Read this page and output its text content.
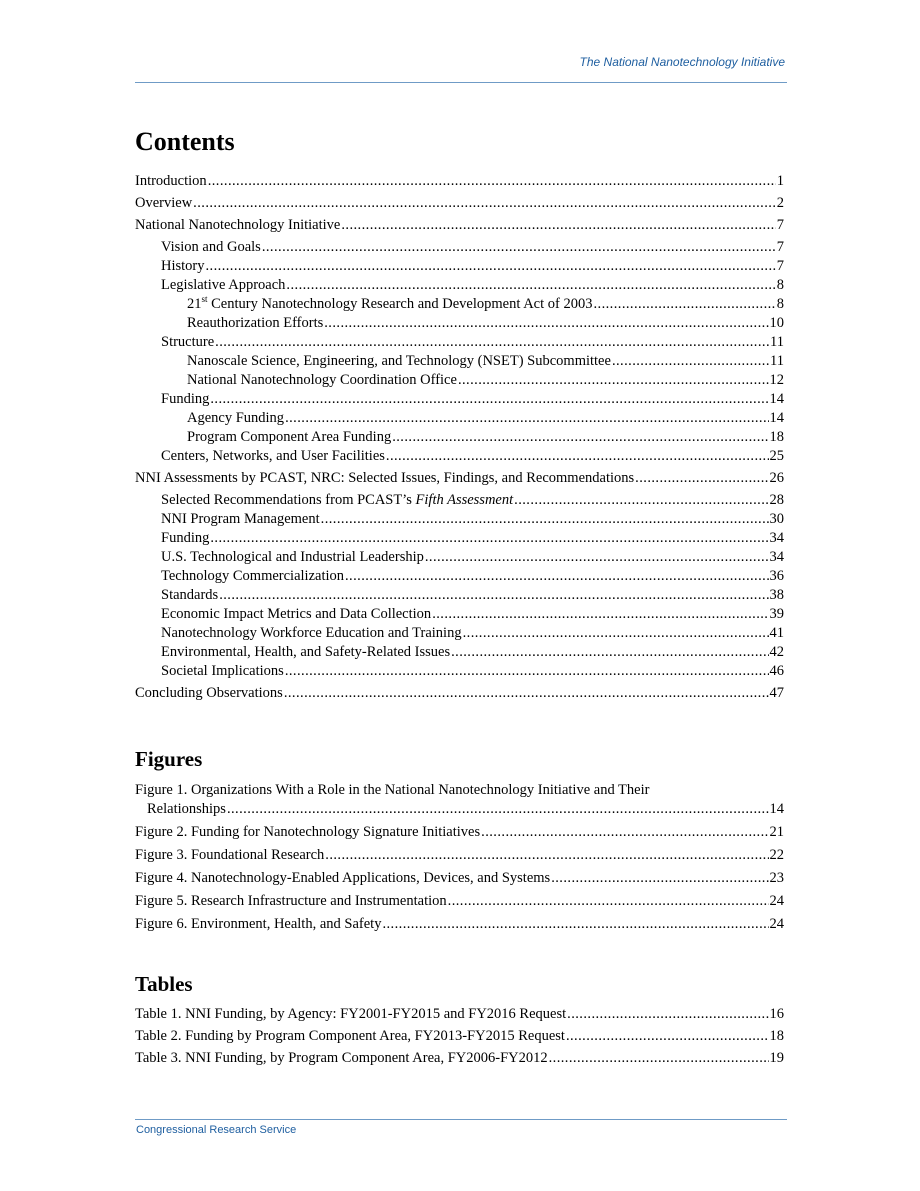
The National Nanotechnology Initiative
Contents
Introduction . . .	1
Overview . . .	2
National Nanotechnology Initiative . . .	7
Vision and Goals . . .	7
History . . .	7
Legislative Approach . . .	8
21st Century Nanotechnology Research and Development Act of 2003 . . .	8
Reauthorization Efforts . . .	10
Structure . . .	11
Nanoscale Science, Engineering, and Technology (NSET) Subcommittee . . .	11
National Nanotechnology Coordination Office . . .	12
Funding . . .	14
Agency Funding . . .	14
Program Component Area Funding . . .	18
Centers, Networks, and User Facilities . . .	25
NNI Assessments by PCAST, NRC: Selected Issues, Findings, and Recommendations . . .	26
Selected Recommendations from PCAST’s Fifth Assessment . . .	28
NNI Program Management . . .	30
Funding . . .	34
U.S. Technological and Industrial Leadership . . .	34
Technology Commercialization . . .	36
Standards . . .	38
Economic Impact Metrics and Data Collection . . .	39
Nanotechnology Workforce Education and Training . . .	41
Environmental, Health, and Safety-Related Issues . . .	42
Societal Implications . . .	46
Concluding Observations . . .	47
Figures
Figure 1. Organizations With a Role in the National Nanotechnology Initiative and Their
Relationships . . .	14
Figure 2. Funding for Nanotechnology Signature Initiatives . . .	21
Figure 3. Foundational Research . . .	22
Figure 4. Nanotechnology-Enabled Applications, Devices, and Systems . . .	23
Figure 5. Research Infrastructure and Instrumentation . . .	24
Figure 6. Environment, Health, and Safety . . .	24
Tables
Table 1. NNI Funding, by Agency: FY2001-FY2015 and FY2016 Request . . .	16
Table 2. Funding by Program Component Area, FY2013-FY2015 Request . . .	18
Table 3. NNI Funding, by Program Component Area, FY2006-FY2012 . . .	19
Congressional Research Service
